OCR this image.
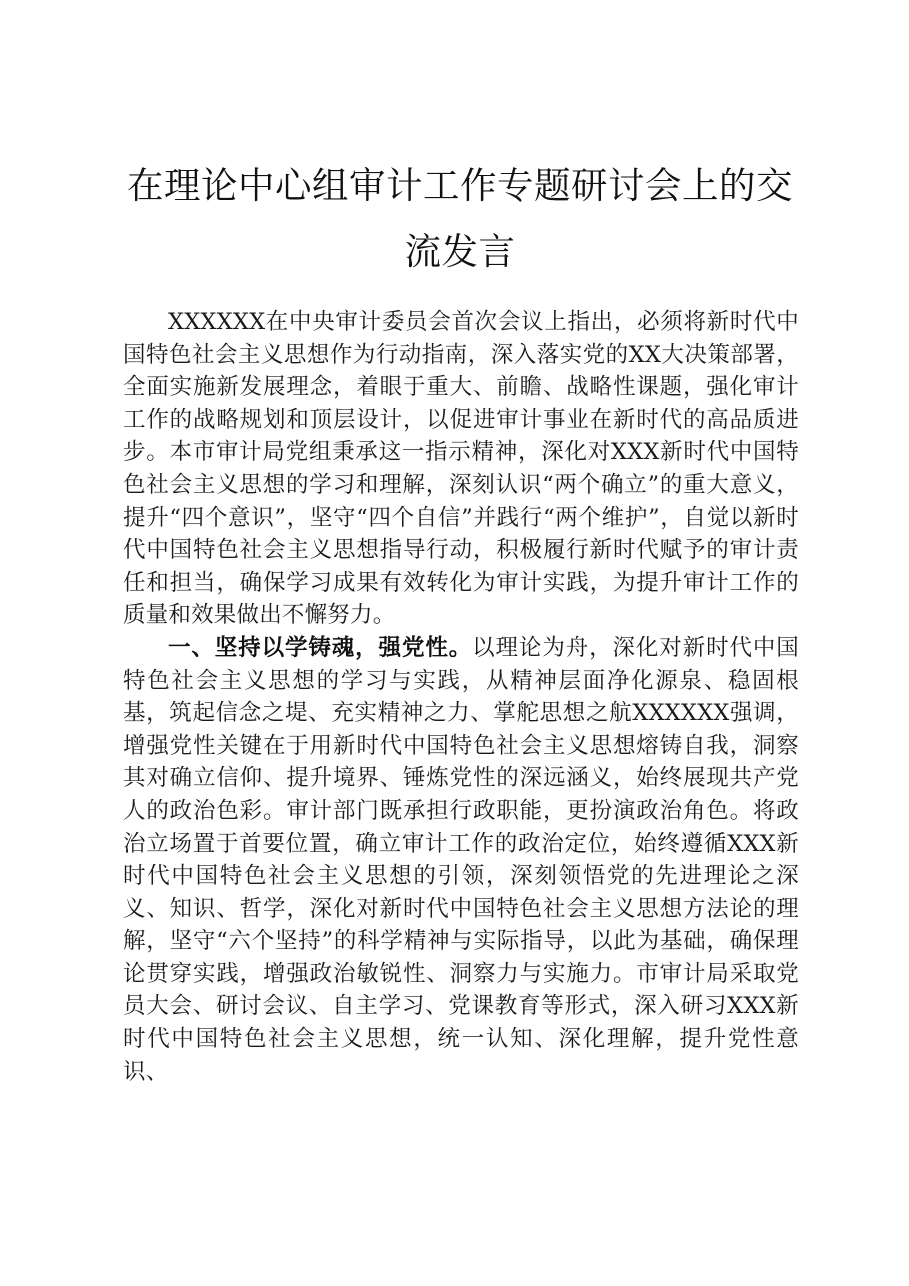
在理论中心组审计工作专题研讨会上的交流发言

XXXXXX在中央审计委员会首次会议上指出，必须将新时代中国特色社会主义思想作为行动指南，深入落实党的XX大决策部署，全面实施新发展理念，着眼于重大、前瞻、战略性课题，强化审计工作的战略规划和顶层设计，以促进审计事业在新时代的高品质进步。本市审计局党组秉承这一指示精神，深化对XXX新时代中国特色社会主义思想的学习和理解，深刻认识“两个确立”的重大意义，提升“四个意识”，坚守“四个自信”并践行“两个维护”，自觉以新时代中国特色社会主义思想指导行动，积极履行新时代赋予的审计责任和担当，确保学习成果有效转化为审计实践，为提升审计工作的质量和效果做出不懈努力。

一、坚持以学铸魂，强党性。以理论为舟，深化对新时代中国特色社会主义思想的学习与实践，从精神层面净化源泉、稳固根基，筑起信念之堤、充实精神之力、掌舵思想之航XXXXXX强调，增强党性关键在于用新时代中国特色社会主义思想熔铸自我，洞察其对确立信仰、提升境界、锤炼党性的深远涵义，始终展现共产党人的政治色彩。审计部门既承担行政职能，更扮演政治角色。将政治立场置于首要位置，确立审计工作的政治定位，始终遵循XXX新时代中国特色社会主义思想的引领，深刻领悟党的先进理论之深义、知识、哲学，深化对新时代中国特色社会主义思想方法论的理解，坚守“六个坚持”的科学精神与实际指导，以此为基础，确保理论贯穿实践，增强政治敏锐性、洞察力与实施力。市审计局采取党员大会、研讨会议、自主学习、党课教育等形式，深入研习XXX新时代中国特色社会主义思想，统一认知、深化理解，提升党性意识、
